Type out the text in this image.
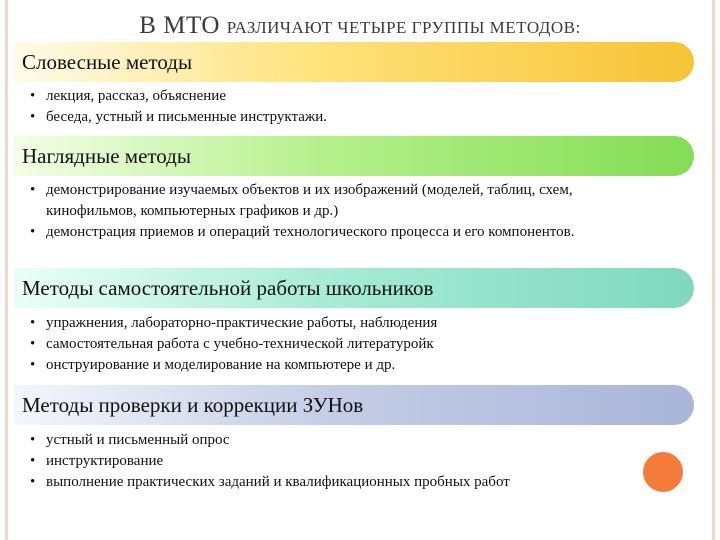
В МТО РАЗЛИЧАЮТ ЧЕТЫРЕ ГРУППЫ МЕТОДОВ:
Словесные методы
• лекция, рассказ, объяснение
• беседа, устный и письменные инструктажи.
Наглядные методы
• демонстрирование изучаемых объектов и их изображений (моделей, таблиц, схем, кинофильмов, компьютерных графиков и др.)
• демонстрация приемов и операций технологического процесса и его компонентов.
Методы самостоятельной работы школьников
• упражнения, лабораторно-практические работы, наблюдения
• самостоятельная работа с учебно-технической литературойк
• онструирование и моделирование на компьютере и др.
Методы проверки и коррекции ЗУНов
• устный и письменный опрос
• инструктирование
• выполнение практических заданий и квалификационных пробных работ
